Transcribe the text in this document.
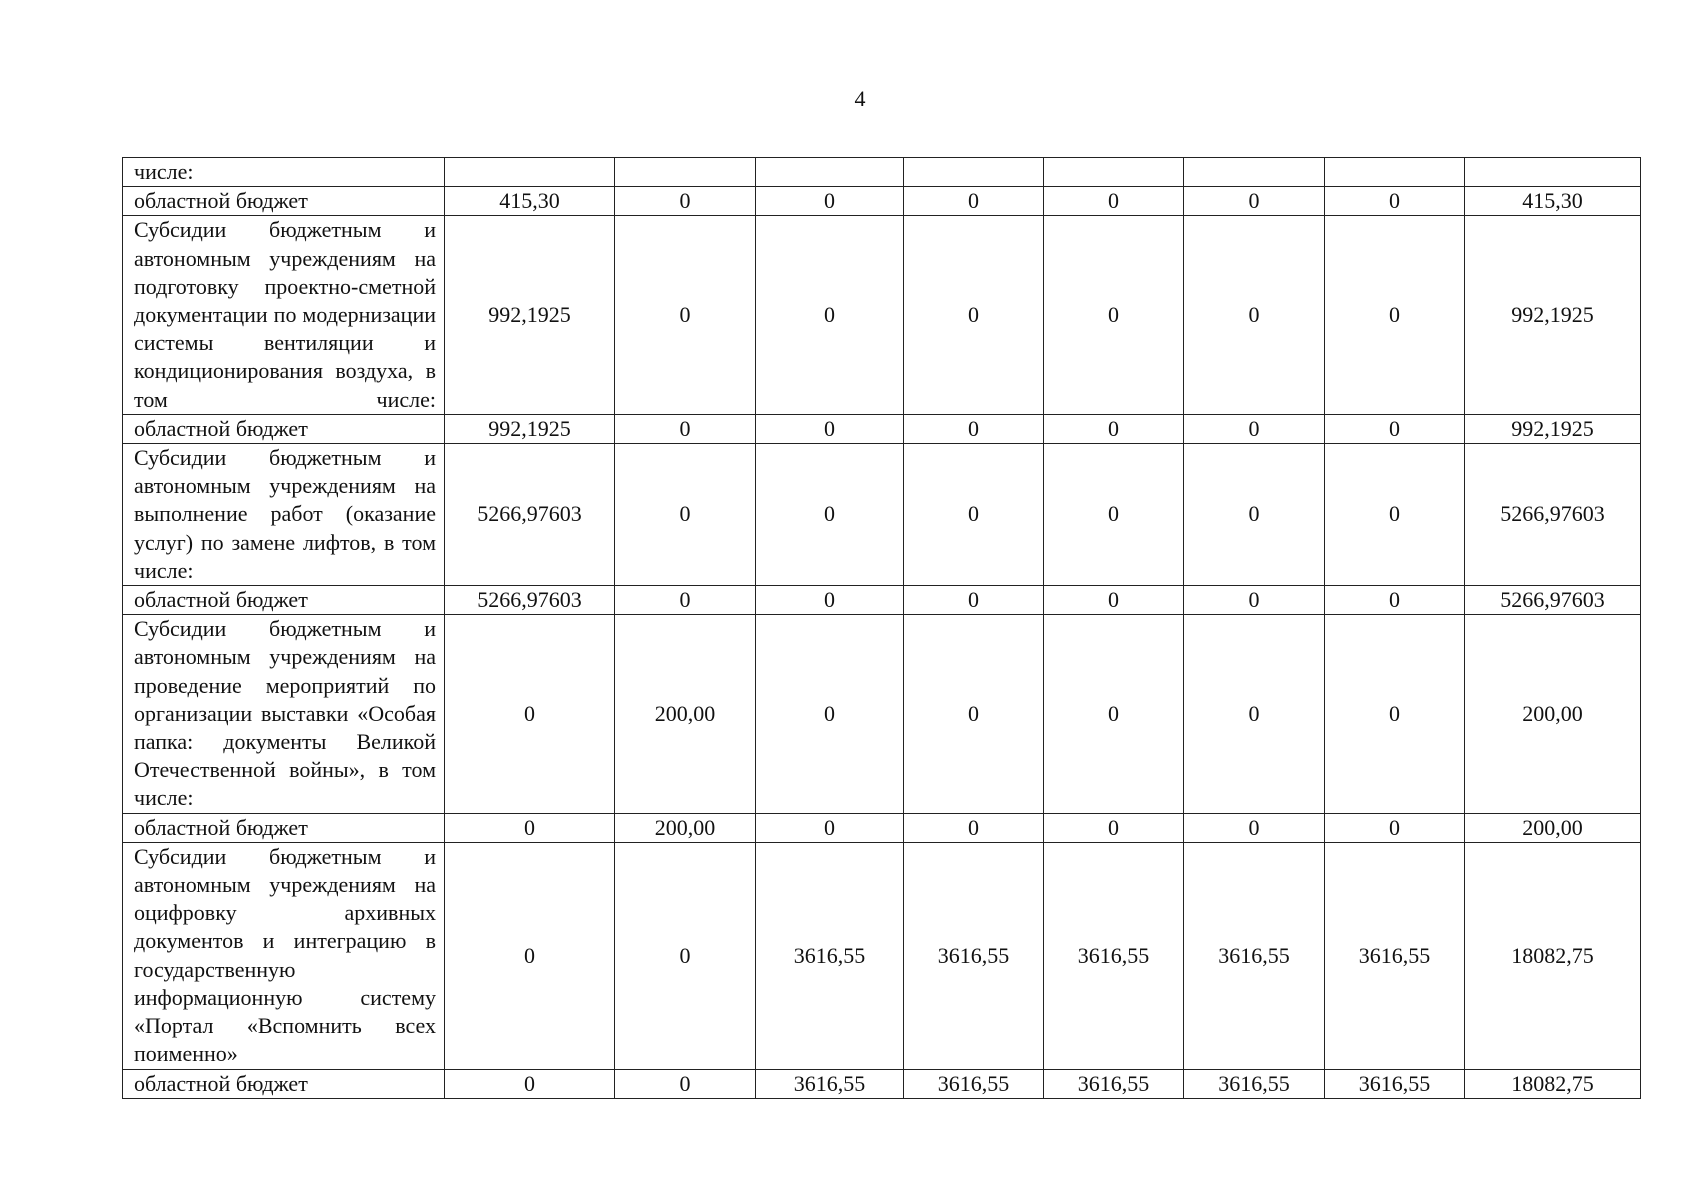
4
числе:								
областной бюджет	415,30	0	0	0	0	0	0	415,30
Субсидии бюджетным и автономным учреждениям на подготовку проектно-сметной документации по модернизации системы вентиляции и кондиционирования воздуха, в том числе:	992,1925	0	0	0	0	0	0	992,1925
областной бюджет	992,1925	0	0	0	0	0	0	992,1925
Субсидии бюджетным и автономным учреждениям на выполнение работ (оказание услуг) по замене лифтов, в том числе:	5266,97603	0	0	0	0	0	0	5266,97603
областной бюджет	5266,97603	0	0	0	0	0	0	5266,97603
Субсидии бюджетным и автономным учреждениям на проведение мероприятий по организации выставки «Особая папка: документы Великой Отечественной войны», в том числе:	0	200,00	0	0	0	0	0	200,00
областной бюджет	0	200,00	0	0	0	0	0	200,00
Субсидии бюджетным и автономным учреждениям на оцифровку архивных документов и интеграцию в государственную информационную систему «Портал «Вспомнить всех поименно»	0	0	3616,55	3616,55	3616,55	3616,55	3616,55	18082,75
областной бюджет	0	0	3616,55	3616,55	3616,55	3616,55	3616,55	18082,75
